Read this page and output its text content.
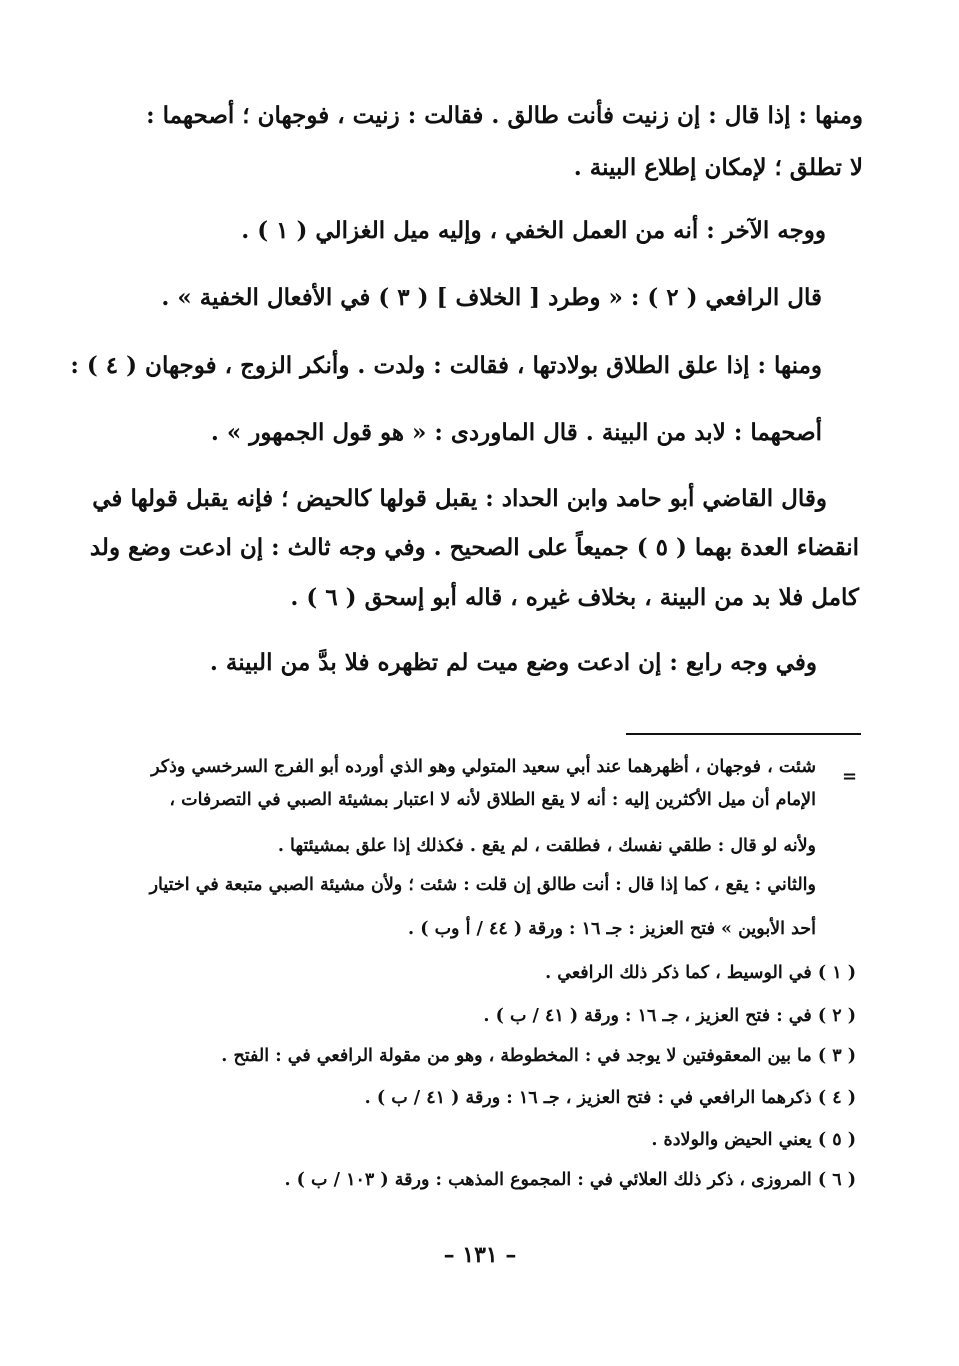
ومنها : إذا قال : إن زنيت فأنت طالق . فقالت : زنيت ، فوجهان ؛ أصحهما :
لا تطلق ؛ لإمكان إطلاع البينة .
ووجه الآخر : أنه من العمل الخفي ، وإليه ميل الغزالي ( ١ ) .
قال الرافعي ( ٢ ) : « وطرد [ الخلاف ] ( ٣ ) في الأفعال الخفية » .
ومنها : إذا علق الطلاق بولادتها ، فقالت : ولدت . وأنكر الزوج ، فوجهان ( ٤ ) :
أصحهما : لابد من البينة . قال الماوردى : « هو قول الجمهور » .
وقال القاضي أبو حامد وابن الحداد : يقبل قولها كالحيض ؛ فإنه يقبل قولها في
انقضاء العدة بهما ( ٥ ) جميعاً على الصحيح . وفي وجه ثالث : إن ادعت وضع ولد
كامل فلا بد من البينة ، بخلاف غيره ، قاله أبو إسحق ( ٦ ) .
وفي وجه رابع : إن ادعت وضع ميت لم تظهره فلا بدَّ من البينة .
=
شئت ، فوجهان ، أظهرهما عند أبي سعيد المتولي وهو الذي أورده أبو الفرج السرخسي وذكر
الإمام أن ميل الأكثرين إليه : أنه لا يقع الطلاق لأنه لا اعتبار بمشيئة الصبي في التصرفات ،
ولأنه لو قال : طلقي نفسك ، فطلقت ، لم يقع . فكذلك إذا علق بمشيئتها .
والثاني : يقع ، كما إذا قال : أنت طالق إن قلت : شئت ؛ ولأن مشيئة الصبي متبعة في اختيار
أحد الأبوين » فتح العزيز : جـ ١٦ : ورقة ( ٤٤ / أ وب ) .
( ١ ) في الوسيط ، كما ذكر ذلك الرافعي .
( ٢ ) في : فتح العزيز ، جـ ١٦ : ورقة ( ٤١ / ب ) .
( ٣ ) ما بين المعقوفتين لا يوجد في : المخطوطة ، وهو من مقولة الرافعي في : الفتح .
( ٤ ) ذكرهما الرافعي في : فتح العزيز ، جـ ١٦ : ورقة ( ٤١ / ب ) .
( ٥ ) يعني الحيض والولادة .
( ٦ ) المروزى ، ذكر ذلك العلائي في : المجموع المذهب : ورقة ( ١٠٣ / ب ) .
– ١٣١ –
